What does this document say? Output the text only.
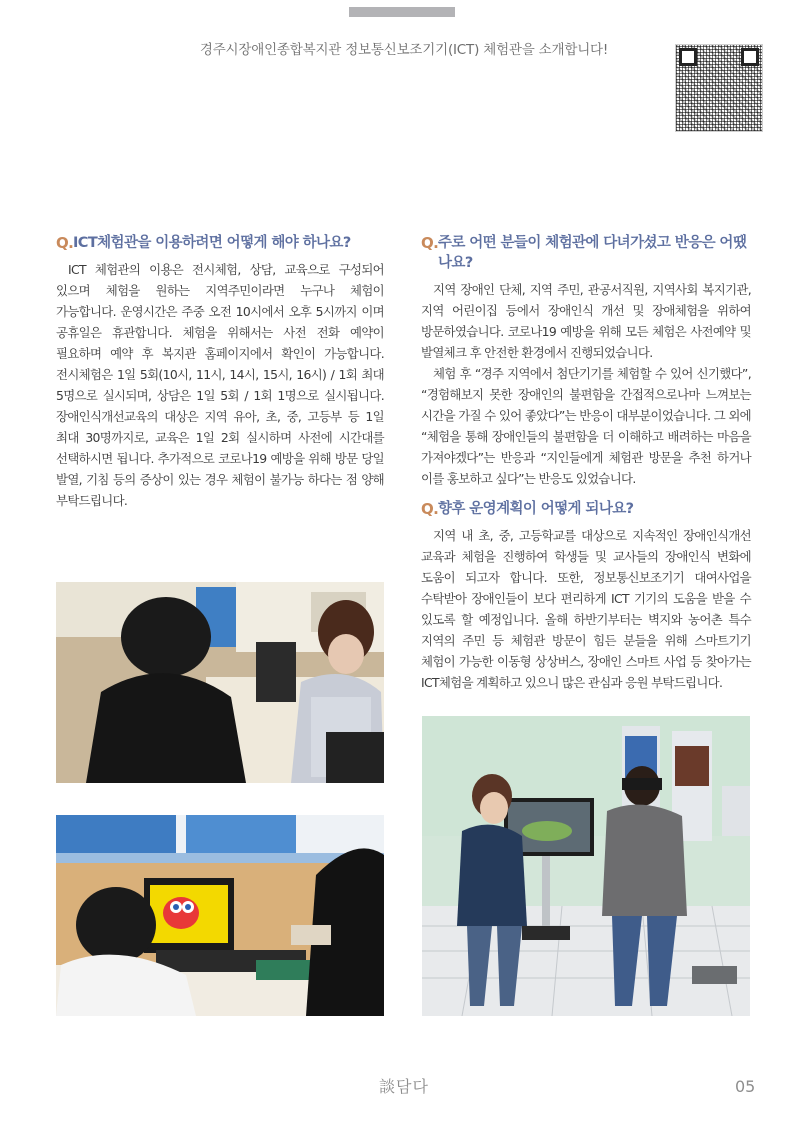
경주시장애인종합복지관 정보통신보조기기(ICT) 체험관을 소개합니다!
Q. ICT체험관을 이용하려면 어떻게 해야 하나요?

ICT 체험관의 이용은 전시체험, 상담, 교육으로 구성되어 있으며 체험을 원하는 지역주민이라면 누구나 체험이 가능합니다. 운영시간은 주중 오전 10시에서 오후 5시까지 이며 공휴일은 휴관합니다. 체험을 위해서는 사전 전화 예약이 필요하며 예약 후 복지관 홈페이지에서 확인이 가능합니다. 전시체험은 1일 5회(10시, 11시, 14시, 15시, 16시) / 1회 최대 5명으로 실시되며, 상담은 1일 5회 / 1회 1명으로 실시됩니다. 장애인식개선교육의 대상은 지역 유아, 초, 중, 고등부 등 1일 최대 30명까지로, 교육은 1일 2회 실시하며 사전에 시간대를 선택하시면 됩니다. 추가적으로 코로나19 예방을 위해 방문 당일 발열, 기침 등의 증상이 있는 경우 체험이 불가능 하다는 점 양해 부탁드립니다.

Q. 주로 어떤 분들이 체험관에 다녀가셨고 반응은 어땠나요?

지역 장애인 단체, 지역 주민, 관공서직원, 지역사회 복지기관, 지역 어린이집 등에서 장애인식 개선 및 장애체험을 위하여 방문하였습니다. 코로나19 예방을 위해 모든 체험은 사전예약 및 발열체크 후 안전한 환경에서 진행되었습니다.

체험 후 “경주 지역에서 첨단기기를 체험할 수 있어 신기했다”, “경험해보지 못한 장애인의 불편함을 간접적으로나마 느껴보는 시간을 가질 수 있어 좋았다”는 반응이 대부분이었습니다. 그 외에 “체험을 통해 장애인들의 불편함을 더 이해하고 배려하는 마음을 가져야겠다”는 반응과 “지인들에게 체험관 방문을 추천 하거나 이를 홍보하고 싶다”는 반응도 있었습니다.

Q. 향후 운영계획이 어떻게 되나요?

지역 내 초, 중, 고등학교를 대상으로 지속적인 장애인식개선 교육과 체험을 진행하여 학생들 및 교사들의 장애인식 변화에 도움이 되고자 합니다. 또한, 정보통신보조기기 대여사업을 수탁받아 장애인들이 보다 편리하게 ICT 기기의 도움을 받을 수 있도록 할 예정입니다. 올해 하반기부터는 벽지와 농어촌 특수 지역의 주민 등 체험관 방문이 힘든 분들을 위해 스마트기기 체험이 가능한 이동형 상상버스, 장애인 스마트 사업 등 찾아가는 ICT체험을 계획하고 있으니 많은 관심과 응원 부탁드립니다.

談담다	05
